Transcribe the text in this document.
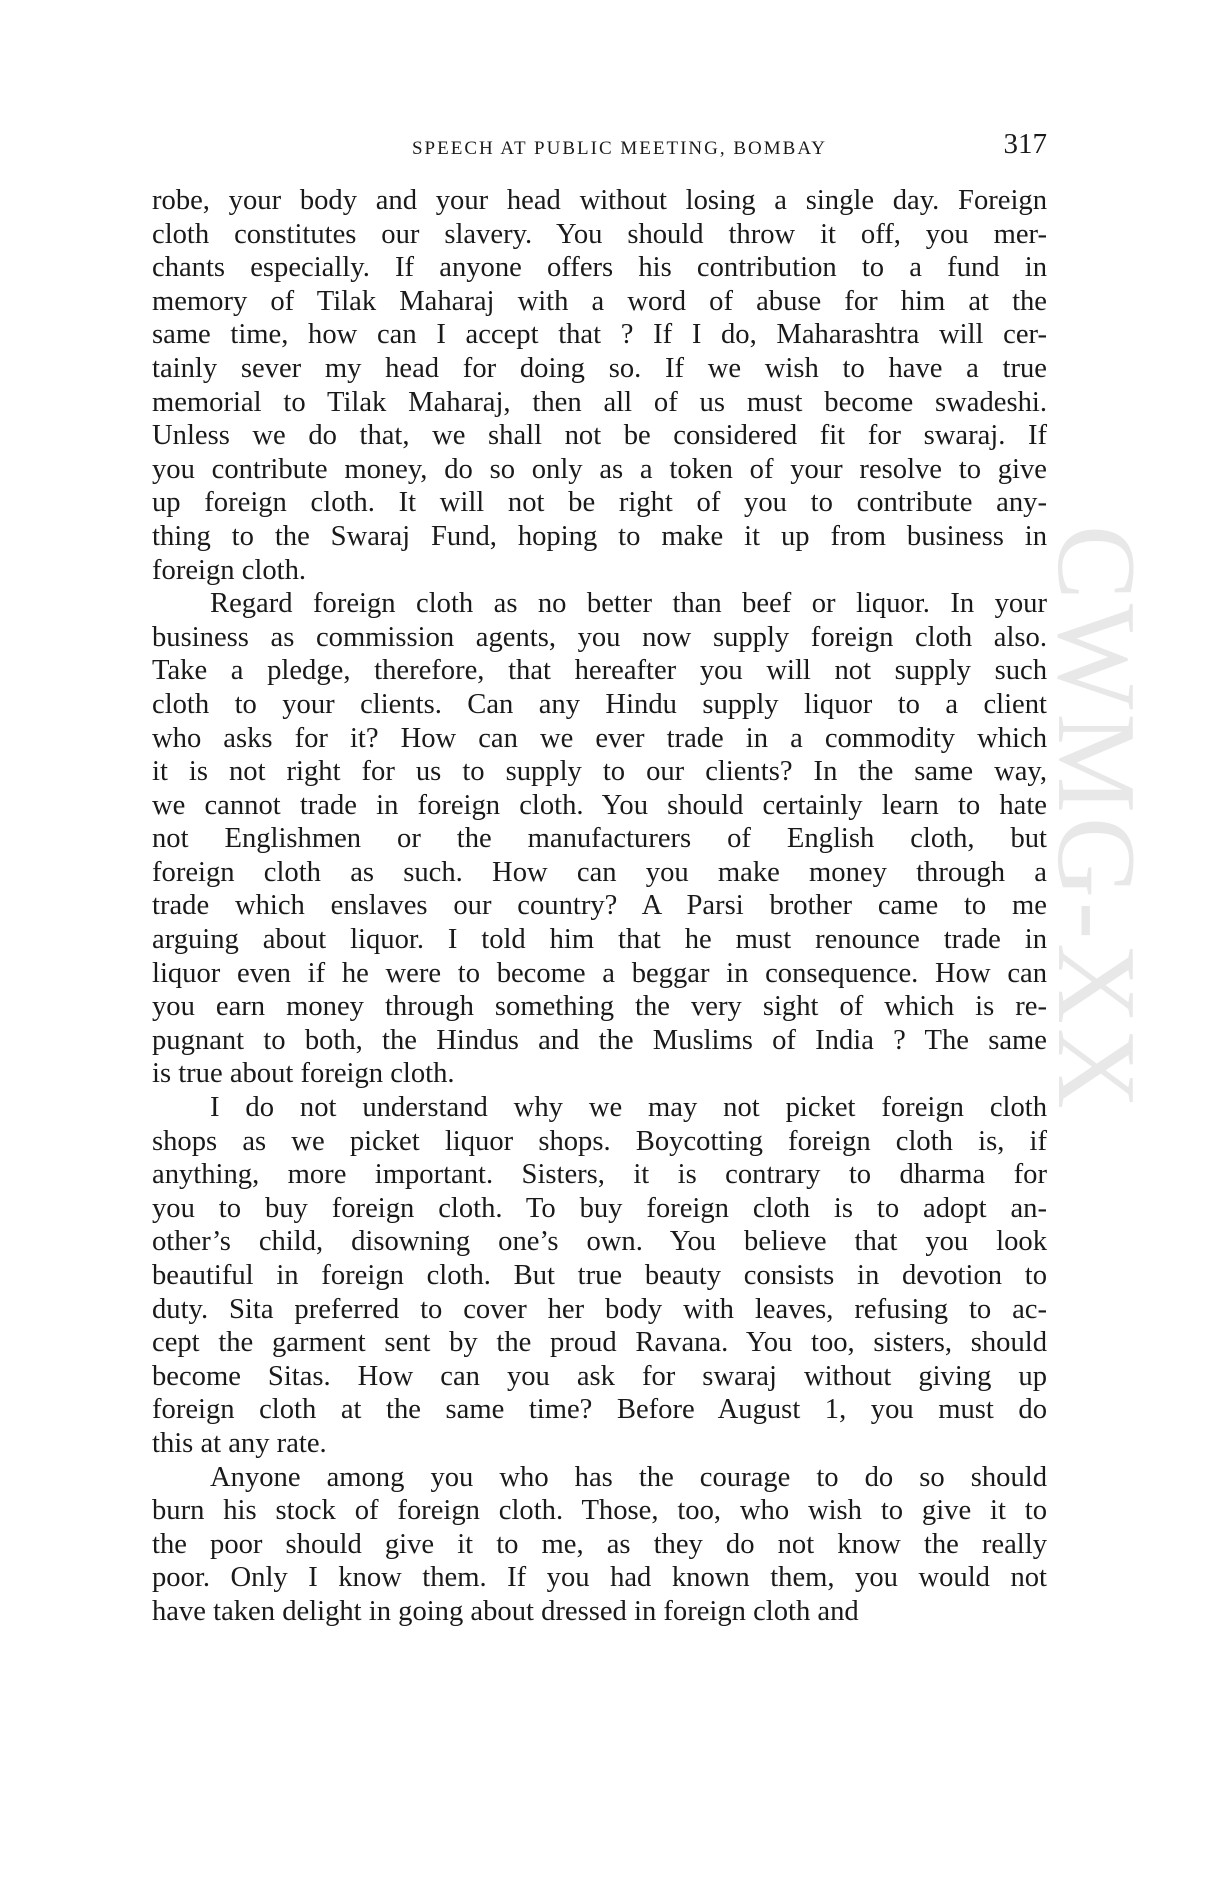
CWMG-XX
SPEECH AT PUBLIC MEETING, BOMBAY	317
robe, your body and your head without losing a single day. Foreign
cloth constitutes our slavery. You should throw it off, you mer-
chants especially. If anyone offers his contribution to a fund in
memory of Tilak Maharaj with a word of abuse for him at the
same time, how can I accept that ? If I do, Maharashtra will cer-
tainly sever my head for doing so. If we wish to have a true
memorial to Tilak Maharaj, then all of us must become swadeshi.
Unless we do that, we shall not be considered fit for swaraj. If
you contribute money, do so only as a token of your resolve to give
up foreign cloth. It will not be right of you to contribute any-
thing to the Swaraj Fund, hoping to make it up from business in
foreign cloth.
Regard foreign cloth as no better than beef or liquor. In your
business as commission agents, you now supply foreign cloth also.
Take a pledge, therefore, that hereafter you will not supply such
cloth to your clients. Can any Hindu supply liquor to a client
who asks for it? How can we ever trade in a commodity which
it is not right for us to supply to our clients? In the same way,
we cannot trade in foreign cloth. You should certainly learn to hate
not Englishmen or the manufacturers of English cloth, but
foreign cloth as such. How can you make money through a
trade which enslaves our country? A Parsi brother came to me
arguing about liquor. I told him that he must renounce trade in
liquor even if he were to become a beggar in consequence. How can
you earn money through something the very sight of which is re-
pugnant to both, the Hindus and the Muslims of India ? The same
is true about foreign cloth.
I do not understand why we may not picket foreign cloth
shops as we picket liquor shops. Boycotting foreign cloth is, if
anything, more important. Sisters, it is contrary to dharma for
you to buy foreign cloth. To buy foreign cloth is to adopt an-
other’s child, disowning one’s own. You believe that you look
beautiful in foreign cloth. But true beauty consists in devotion to
duty. Sita preferred to cover her body with leaves, refusing to ac-
cept the garment sent by the proud Ravana. You too, sisters, should
become Sitas. How can you ask for swaraj without giving up
foreign cloth at the same time? Before August 1, you must do
this at any rate.
Anyone among you who has the courage to do so should
burn his stock of foreign cloth. Those, too, who wish to give it to
the poor should give it to me, as they do not know the really
poor. Only I know them. If you had known them, you would not
have taken delight in going about dressed in foreign cloth and
